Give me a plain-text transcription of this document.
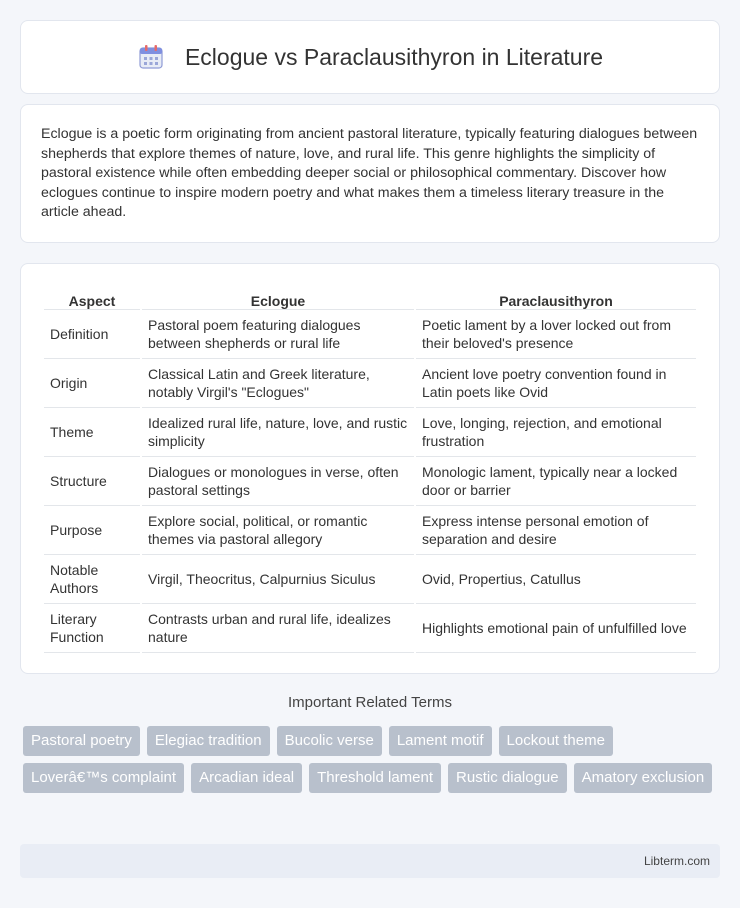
Eclogue vs Paraclausithyron in Literature

Eclogue is a poetic form originating from ancient pastoral literature, typically featuring dialogues between shepherds that explore themes of nature, love, and rural life. This genre highlights the simplicity of pastoral existence while often embedding deeper social or philosophical commentary. Discover how eclogues continue to inspire modern poetry and what makes them a timeless literary treasure in the article ahead.

Aspect	Eclogue	Paraclausithyron
Definition	Pastoral poem featuring dialogues between shepherds or rural life	Poetic lament by a lover locked out from their beloved's presence
Origin	Classical Latin and Greek literature, notably Virgil's "Eclogues"	Ancient love poetry convention found in Latin poets like Ovid
Theme	Idealized rural life, nature, love, and rustic simplicity	Love, longing, rejection, and emotional frustration
Structure	Dialogues or monologues in verse, often pastoral settings	Monologic lament, typically near a locked door or barrier
Purpose	Explore social, political, or romantic themes via pastoral allegory	Express intense personal emotion of separation and desire
Notable Authors	Virgil, Theocritus, Calpurnius Siculus	Ovid, Propertius, Catullus
Literary Function	Contrasts urban and rural life, idealizes nature	Highlights emotional pain of unfulfilled love
Important Related Terms
Pastoral poetry	Elegiac tradition	Bucolic verse	Lament motif	Lockout theme
Loverâ€™s complaint	Arcadian ideal	Threshold lament	Rustic dialogue	Amatory exclusion
Libterm.com
